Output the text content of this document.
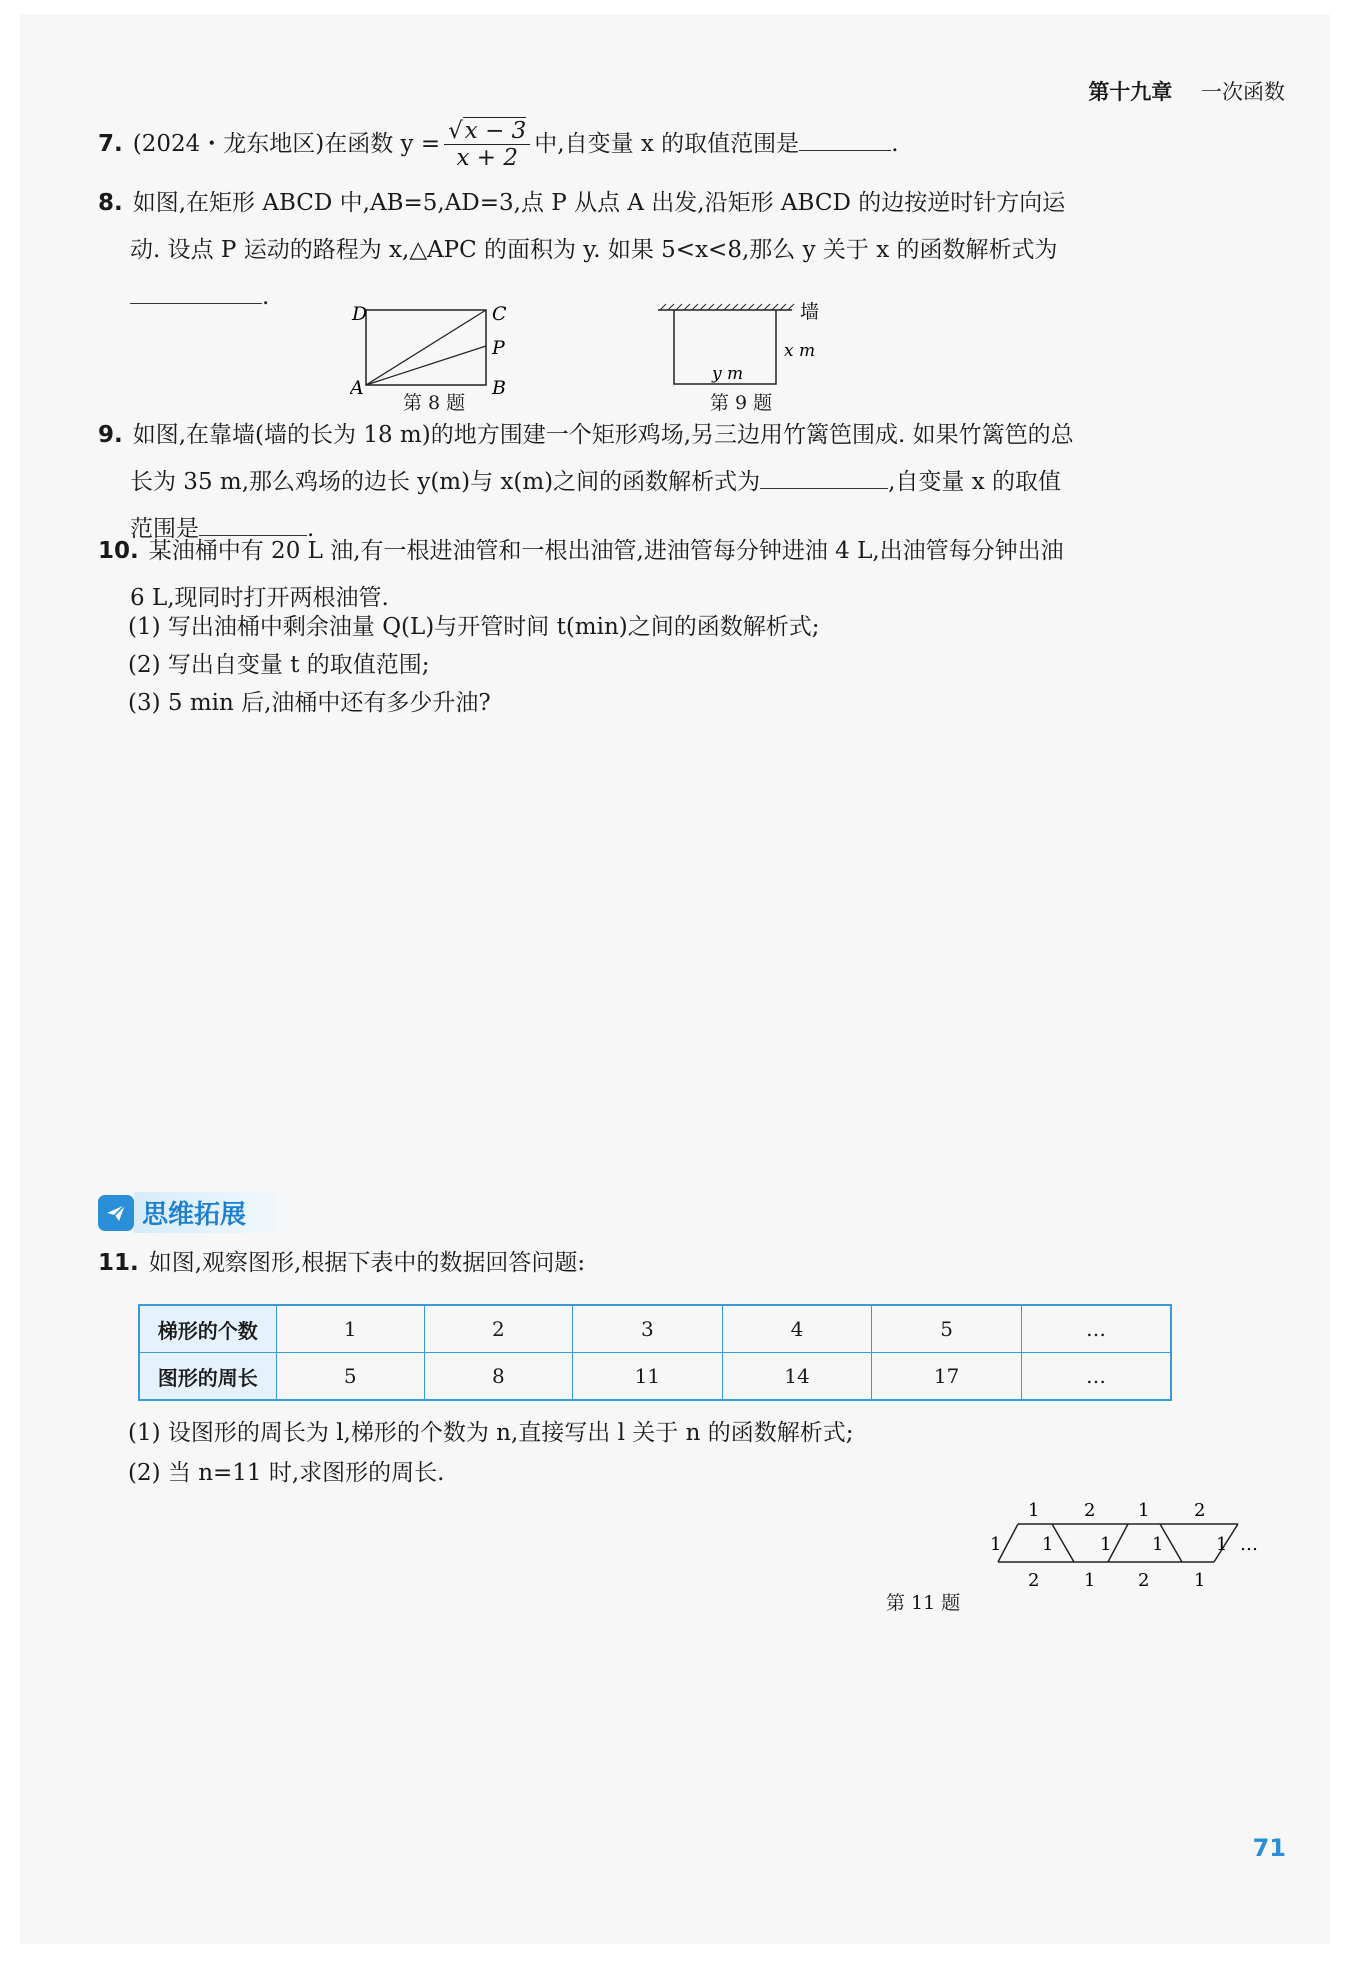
第十九章 一次函数
7. (2024・龙东地区)在函数 $y = \frac{√x - 3}{x + 2}$ 中,自变量 x 的取值范围是	.
8. 如图,在矩形 ABCD 中,AB=5,AD=3,点 P 从点 A 出发,沿矩形 ABCD 的边按逆时针方向运
动. 设点 P 运动的路程为 x,△APC 的面积为 y. 如果 5<x<8,那么 y 关于 x 的函数解析式为
.
D	C
P
A	B
第 8 题
墙
x m
y m
第 9 题
9. 如图,在靠墙(墙的长为 18 m)的地方围建一个矩形鸡场,另三边用竹篱笆围成. 如果竹篱笆的总
长为 35 m,那么鸡场的边长 y(m)与 x(m)之间的函数解析式为	,自变量 x 的取值
范围是	.
10. 某油桶中有 20 L 油,有一根进油管和一根出油管,进油管每分钟进油 4 L,出油管每分钟出油
6 L,现同时打开两根油管.
(1) 写出油桶中剩余油量 Q(L)与开管时间 t(min)之间的函数解析式;
(2) 写出自变量 t 的取值范围;
(3) 5 min 后,油桶中还有多少升油?
思维拓展
11. 如图,观察图形,根据下表中的数据回答问题:
梯形的个数	1	2	3	4	5	…
图形的周长	5	8	11	14	17	…
(1) 设图形的周长为 l,梯形的个数为 n,直接写出 l 关于 n 的函数解析式;
(2) 当 n=11 时,求图形的周长.
1 2 1 2
2 1 2 1
1 1	1 1	1 …
第 11 题
71
